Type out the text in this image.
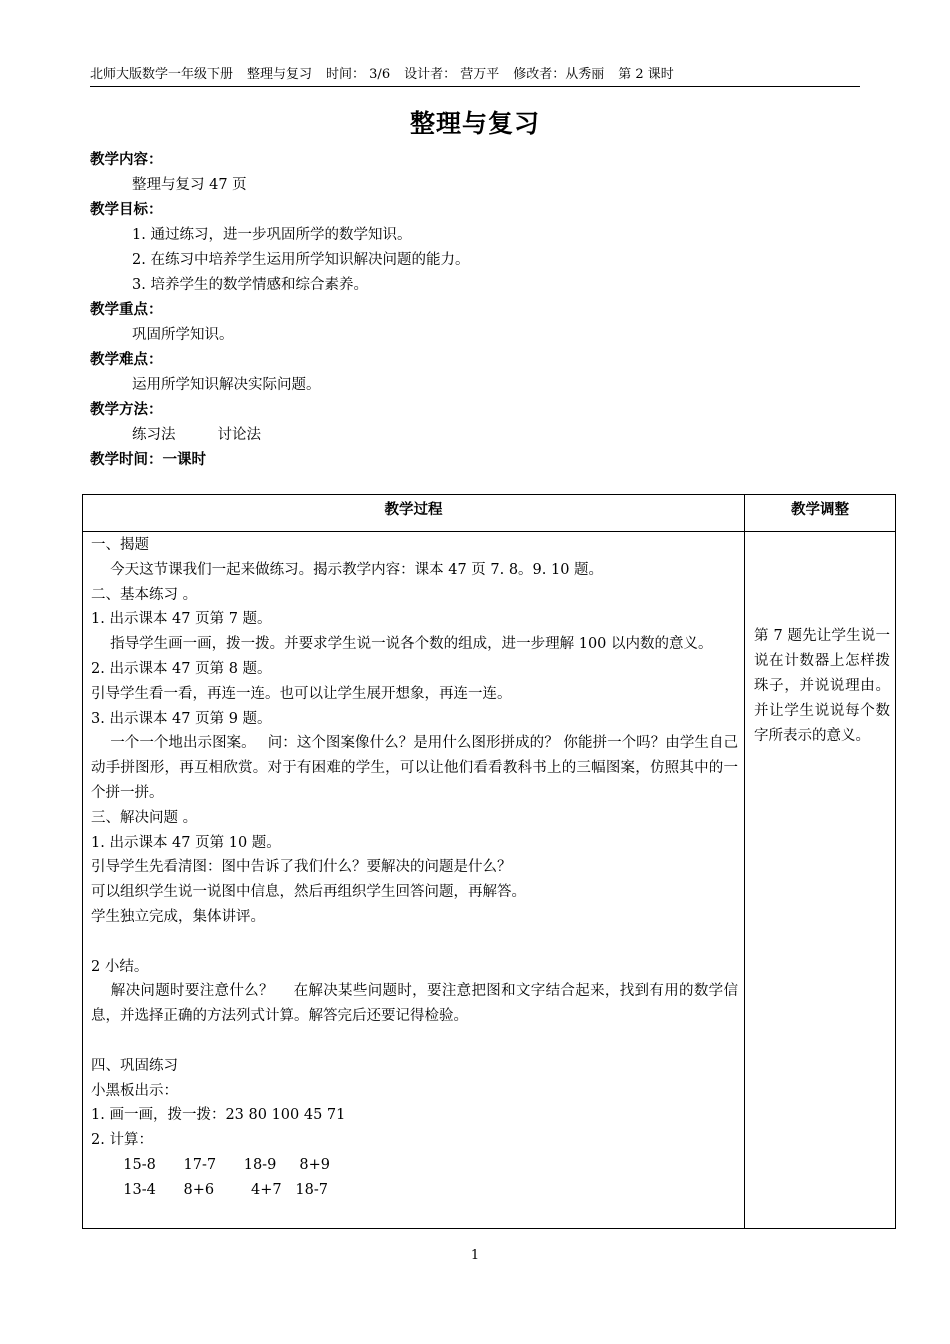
北师大版数学一年级下册 整理与复习 时间： 3/6 设计者： 营万平 修改者：从秀丽 第 2 课时
整理与复习
教学内容：
整理与复习 47 页
教学目标：
1. 通过练习，进一步巩固所学的数学知识。
2. 在练习中培养学生运用所学知识解决问题的能力。
3. 培养学生的数学情感和综合素养。
教学重点：
巩固所学知识。
教学难点：
运用所学知识解决实际问题。
教学方法：
练习法	讨论法
教学时间：一课时
教学过程	教学调整
一、揭题
　 今天这节课我们一起来做练习。揭示教学内容：课本 47 页 7. 8。9. 10 题。
二、基本练习 。
1. 出示课本 47 页第 7 题。
　 指导学生画一画，拨一拨。并要求学生说一说各个数的组成，进一步理解 100 以内数的意义。
2. 出示课本 47 页第 8 题。
引导学生看一看，再连一连。也可以让学生展开想象，再连一连。
3. 出示课本 47 页第 9 题。
　 一个一个地出示图案。　 问：这个图案像什么？是用什么图形拼成的？ 你能拼一个吗？由学生自己动手拼图形，再互相欣赏。对于有困难的学生，可以让他们看看教科书上的三幅图案，仿照其中的一个拼一拼。
三、解决问题 。
1. 出示课本 47 页第 10 题。
引导学生先看清图：图中告诉了我们什么？要解决的问题是什么？
可以组织学生说一说图中信息，然后再组织学生回答问题，再解答。
学生独立完成，集体讲评。
2 小结。
　 解决问题时要注意什么？　 在解决某些问题时，要注意把图和文字结合起来，找到有用的数学信息，并选择正确的方法列式计算。解答完后还要记得检验。
四、巩固练习
小黑板出示：
1. 画一画，拨一拨：23 80 100 45 71
2. 计算：
15-8      17-7      18-9     8+9
13-4      8+6        4+7   18-7
第 7 题先让学生说一说在计数器上怎样拨珠子，并说说理由。并让学生说说每个数字所表示的意义。
1
